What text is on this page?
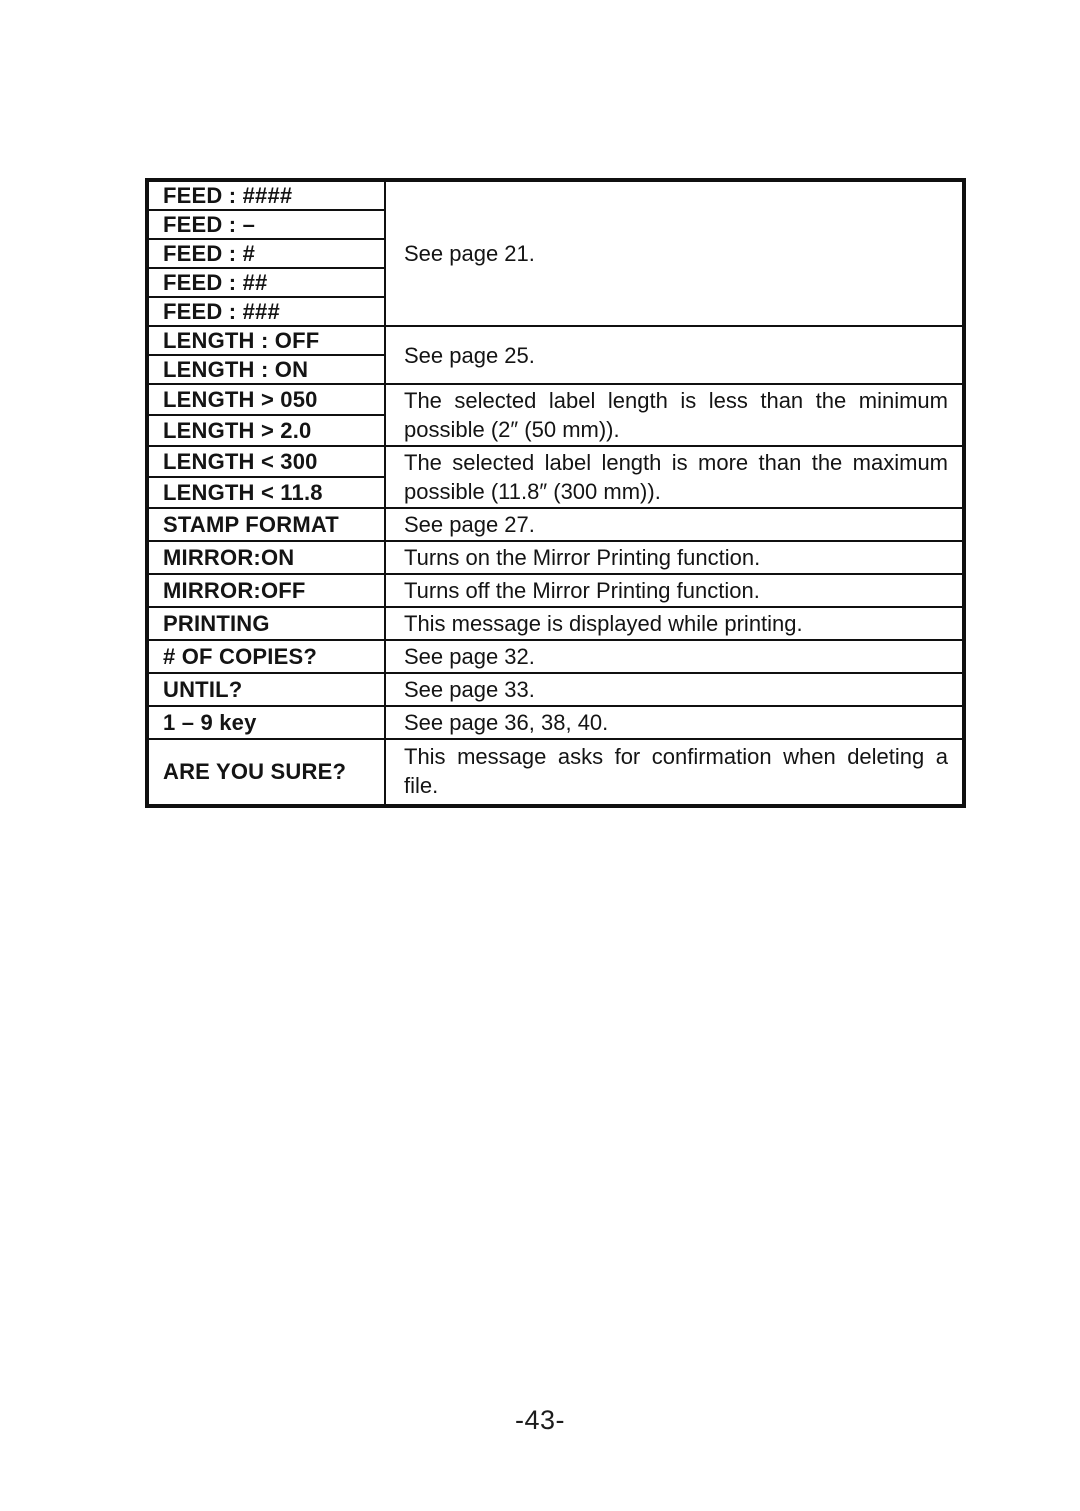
FEED : ####	See page 21.
FEED : –	
FEED : #	
FEED : ##	
FEED : ###	
LENGTH : OFF	See page 25.
LENGTH : ON	
LENGTH > 050	The selected label length is less than the minimum possible (2″ (50 mm)).
LENGTH > 2.0	
LENGTH < 300	The selected label length is more than the maximum possible (11.8″ (300 mm)).
LENGTH < 11.8	
STAMP FORMAT	See page 27.
MIRROR:ON	Turns on the Mirror Printing function.
MIRROR:OFF	Turns off the Mirror Printing function.
PRINTING	This message is displayed while printing.
# OF COPIES?	See page 32.
UNTIL?	See page 33.
1 – 9 key	See page 36, 38, 40.
ARE YOU SURE?	This message asks for confirmation when deleting a file.
-43-
